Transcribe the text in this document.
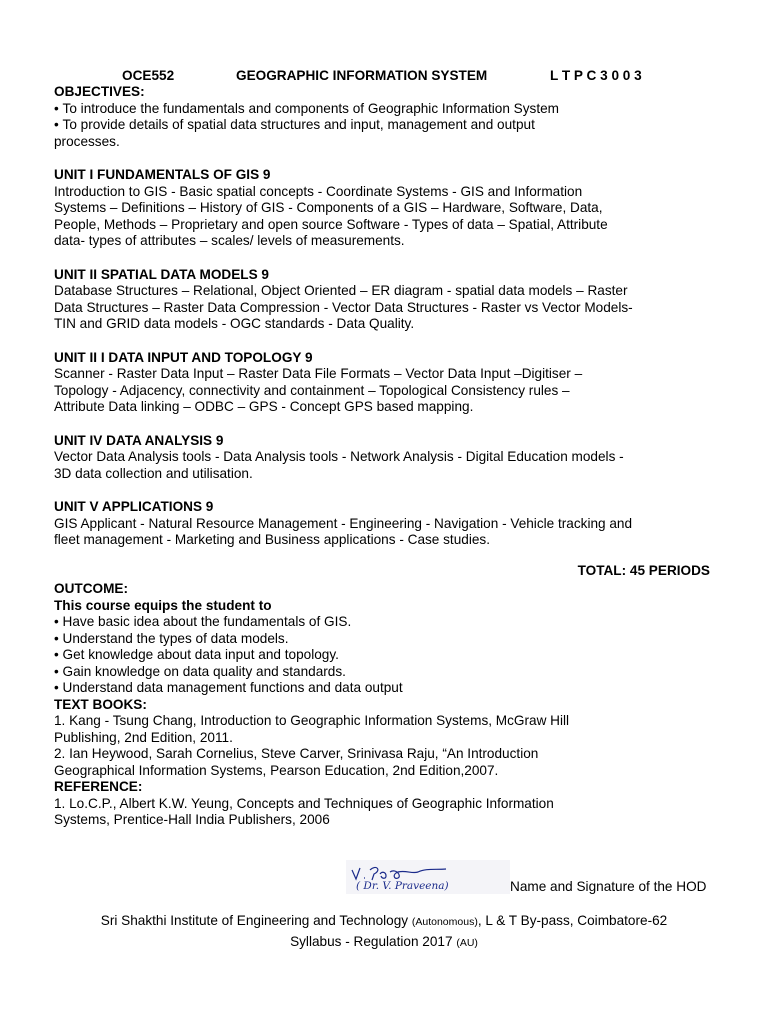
OCE552	GEOGRAPHIC INFORMATION SYSTEM	L T P C 3 0 0 3
OBJECTIVES:
• To introduce the fundamentals and components of Geographic Information System
• To provide details of spatial data structures and input, management and output processes.
UNIT I FUNDAMENTALS OF GIS 9

Introduction to GIS - Basic spatial concepts - Coordinate Systems - GIS and Information

Systems – Definitions – History of GIS - Components of a GIS – Hardware, Software, Data,

People, Methods – Proprietary and open source Software - Types of data – Spatial, Attribute

data- types of attributes – scales/ levels of measurements.

UNIT II SPATIAL DATA MODELS 9

Database Structures – Relational, Object Oriented – ER diagram - spatial data models – Raster

Data Structures – Raster Data Compression - Vector Data Structures - Raster vs Vector Models-

TIN and GRID data models - OGC standards - Data Quality.

UNIT II I DATA INPUT AND TOPOLOGY 9

Scanner - Raster Data Input – Raster Data File Formats – Vector Data Input –Digitiser –

Topology - Adjacency, connectivity and containment – Topological Consistency rules –

Attribute Data linking – ODBC – GPS - Concept GPS based mapping.

UNIT IV DATA ANALYSIS 9

Vector Data Analysis tools - Data Analysis tools - Network Analysis - Digital Education models -

3D data collection and utilisation.

UNIT V APPLICATIONS 9

GIS Applicant - Natural Resource Management - Engineering - Navigation - Vehicle tracking and

fleet management - Marketing and Business applications - Case studies.

TOTAL: 45 PERIODS
OUTCOME:
This course equips the student to
• Have basic idea about the fundamentals of GIS.
• Understand the types of data models.
• Get knowledge about data input and topology.
• Gain knowledge on data quality and standards.
• Understand data management functions and data output
TEXT BOOKS:

1. Kang - Tsung Chang, Introduction to Geographic Information Systems, McGraw Hill

Publishing, 2nd Edition, 2011.

2. Ian Heywood, Sarah Cornelius, Steve Carver, Srinivasa Raju, “An Introduction

Geographical Information Systems, Pearson Education, 2nd Edition,2007.

REFERENCE:

1. Lo.C.P., Albert K.W. Yeung, Concepts and Techniques of Geographic Information

Systems, Prentice-Hall India Publishers, 2006

( Dr. V. Praveena)	Name and Signature of the HOD
Sri Shakthi Institute of Engineering and Technology (Autonomous), L & T By-pass, Coimbatore-62
Syllabus - Regulation 2017 (AU)
